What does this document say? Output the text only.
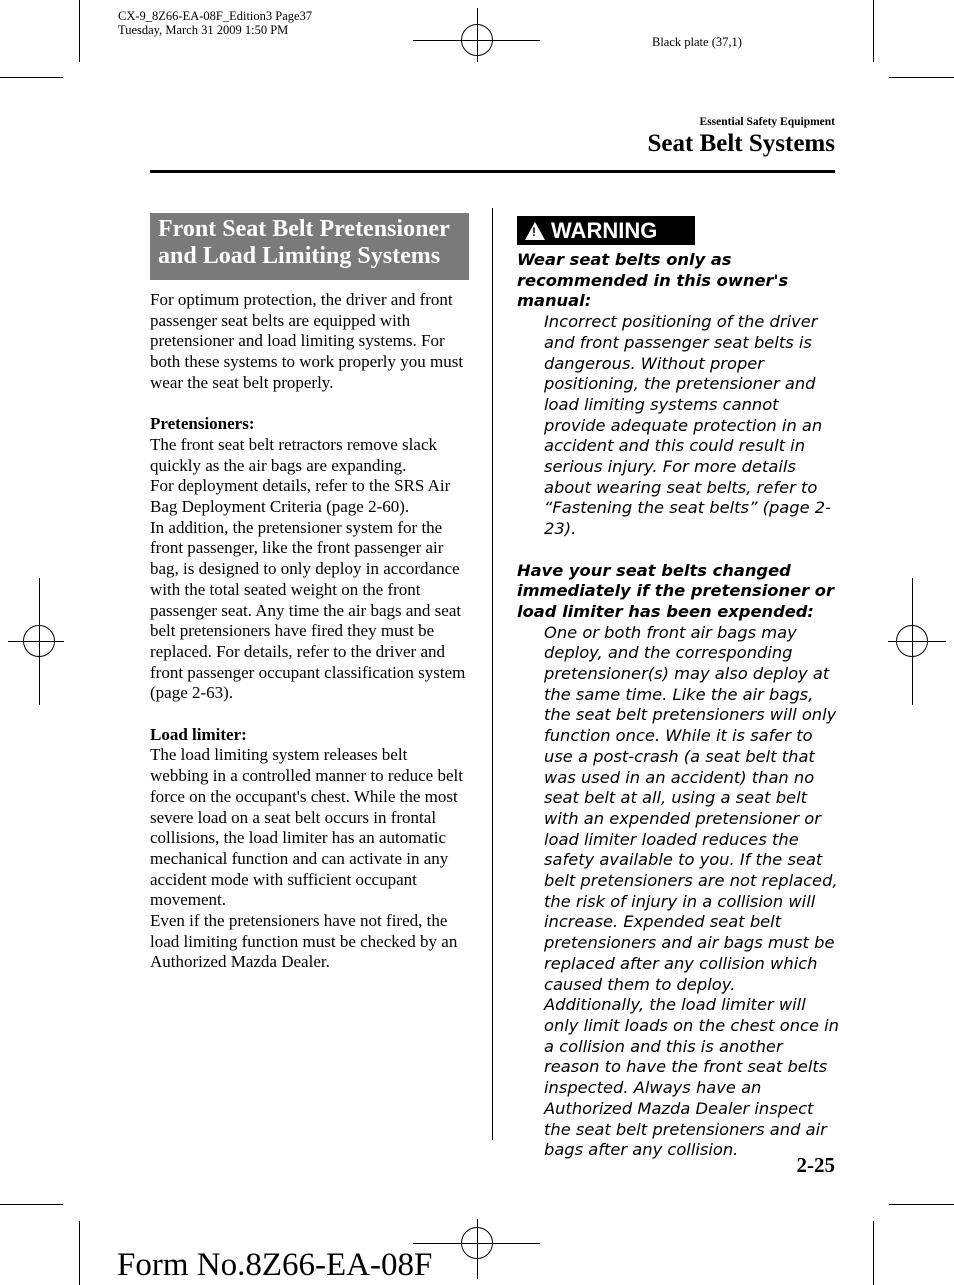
CX-9_8Z66-EA-08F_Edition3 Page37
Tuesday, March 31 2009 1:50 PM
Black plate (37,1)
Essential Safety Equipment
Seat Belt Systems
Front Seat Belt Pretensioner
and Load Limiting Systems

For optimum protection, the driver and front passenger seat belts are equipped with pretensioner and load limiting systems. For both these systems to work properly you must wear the seat belt properly.

Pretensioners:

The front seat belt retractors remove slack quickly as the air bags are expanding.

For deployment details, refer to the SRS Air Bag Deployment Criteria (page 2-60).

In addition, the pretensioner system for the front passenger, like the front passenger air bag, is designed to only deploy in accordance with the total seated weight on the front passenger seat. Any time the air bags and seat belt pretensioners have fired they must be replaced. For details, refer to the driver and front passenger occupant classification system (page 2-63).

Load limiter:

The load limiting system releases belt webbing in a controlled manner to reduce belt force on the occupant's chest. While the most severe load on a seat belt occurs in frontal collisions, the load limiter has an automatic mechanical function and can activate in any accident mode with sufficient occupant movement.

Even if the pretensioners have not fired, the load limiting function must be checked by an Authorized Mazda Dealer.

! WARNING

Wear seat belts only as recommended in this owner's manual:

Incorrect positioning of the driver and front passenger seat belts is dangerous. Without proper positioning, the pretensioner and load limiting systems cannot provide adequate protection in an accident and this could result in serious injury. For more details about wearing seat belts, refer to “Fastening the seat belts” (page 2-23).

Have your seat belts changed immediately if the pretensioner or load limiter has been expended:

One or both front air bags may deploy, and the corresponding pretensioner(s) may also deploy at the same time. Like the air bags, the seat belt pretensioners will only function once. While it is safer to use a post-crash (a seat belt that was used in an accident) than no seat belt at all, using a seat belt with an expended pretensioner or load limiter loaded reduces the safety available to you. If the seat belt pretensioners are not replaced, the risk of injury in a collision will increase. Expended seat belt pretensioners and air bags must be replaced after any collision which caused them to deploy. Additionally, the load limiter will only limit loads on the chest once in a collision and this is another reason to have the front seat belts inspected. Always have an Authorized Mazda Dealer inspect the seat belt pretensioners and air bags after any collision.

2-25
Form No.8Z66-EA-08F
